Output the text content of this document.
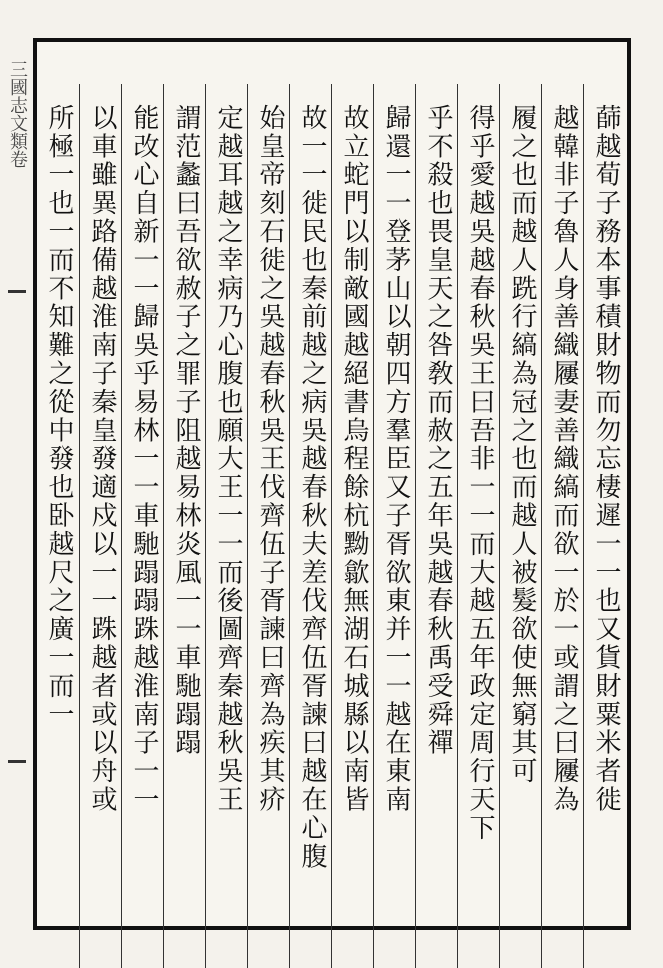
三國志文類卷	蒒越荀子務本事積財物而勿忘棲遲一一也又貨財粟米者徙
越韓非子魯人身善織屨妻善織縞而欲一於一或謂之曰屨為
履之也而越人跣行縞為冠之也而越人被髮欲使無窮其可
得乎愛越吳越春秋吳王曰吾非一一而大越五年政定周行天下
乎不殺也畏皇天之咎敎而赦之五年吳越春秋禹受舜禪
歸還一一登茅山以朝四方羣臣又子胥欲東并一一越在東南
故立蛇門以制敵國越絕書烏程餘杭黝歙無湖石城縣以南皆
故一一徙民也秦前越之病吳越春秋夫差伐齊伍胥諫曰越在心腹
始皇帝刻石徙之吳越春秋吳王伐齊伍子胥諫曰齊為疾其疥
定越耳越之幸病乃心腹也願大王一一而後圖齊秦越秋吳王
謂范蠡曰吾欲赦子之罪子阻越易林炎風一一車馳蹋蹋
能改心自新一一歸吳乎易林一一車馳蹋蹋跦越淮南子一一
以車雖異路備越淮南子秦皇發適戍以一一跦越者或以舟或
所極一也一而不知難之從中發也卧越尺之廣一而一
